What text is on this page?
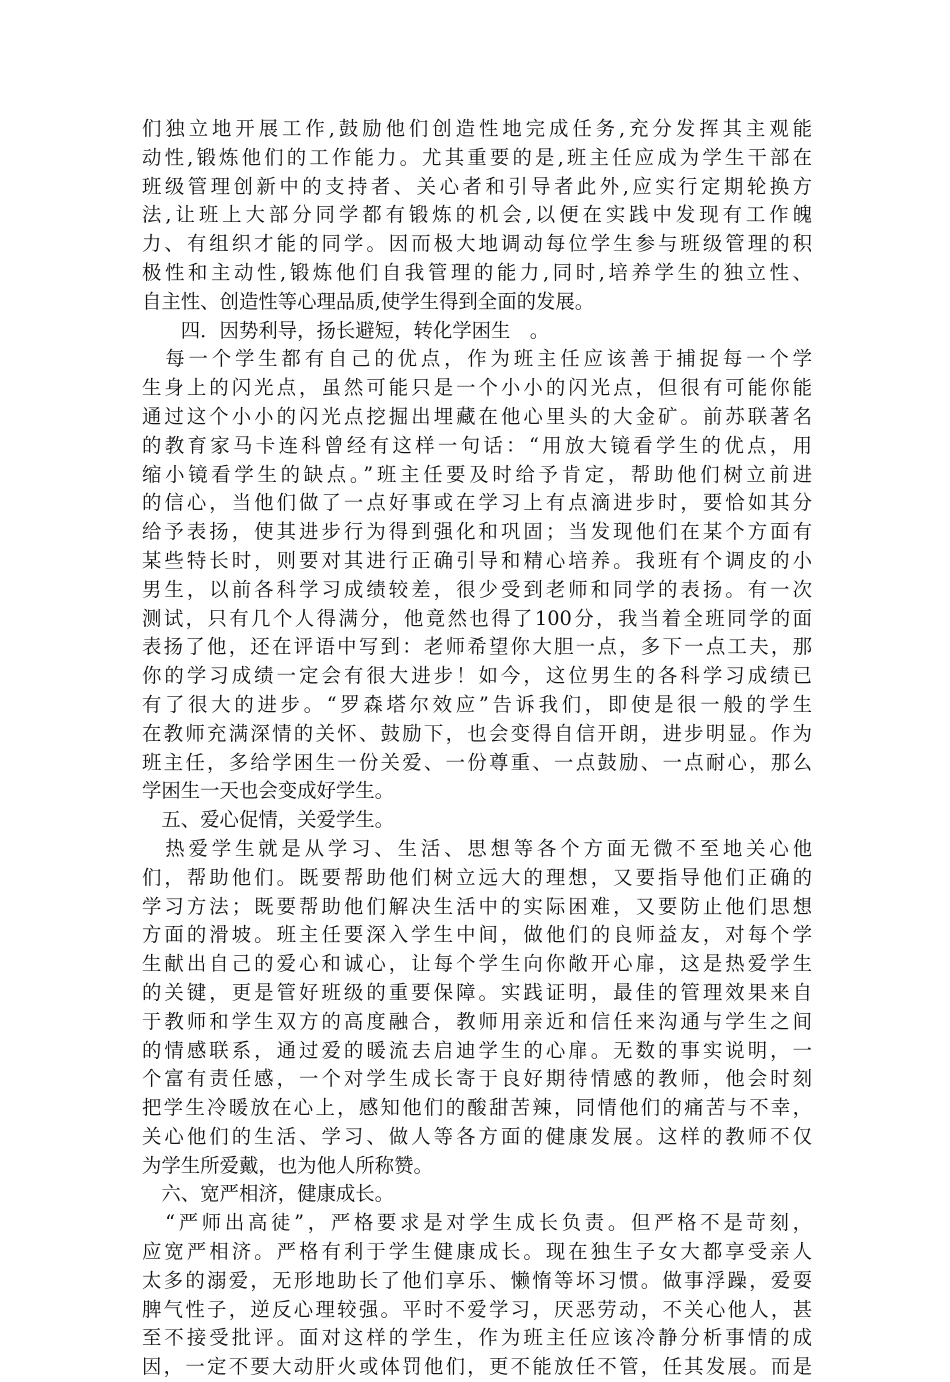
们独立地开展工作,鼓励他们创造性地完成任务,充分发挥其主观能
动性,锻炼他们的工作能力。尤其重要的是,班主任应成为学生干部在
班级管理创新中的支持者、关心者和引导者此外,应实行定期轮换方
法,让班上大部分同学都有锻炼的机会,以便在实践中发现有工作魄
力、有组织才能的同学。因而极大地调动每位学生参与班级管理的积
极性和主动性,锻炼他们自我管理的能力,同时,培养学生的独立性、
自主性、创造性等心理品质,使学生得到全面的发展。
　　四．因势利导，扬长避短，转化学困生　。
　每一个学生都有自己的优点，作为班主任应该善于捕捉每一个学
生身上的闪光点，虽然可能只是一个小小的闪光点，但很有可能你能
通过这个小小的闪光点挖掘出埋藏在他心里头的大金矿。前苏联著名
的教育家马卡连科曾经有这样一句话：“用放大镜看学生的优点，用
缩小镜看学生的缺点。”班主任要及时给予肯定，帮助他们树立前进
的信心，当他们做了一点好事或在学习上有点滴进步时，要恰如其分
给予表扬，使其进步行为得到强化和巩固；当发现他们在某个方面有
某些特长时，则要对其进行正确引导和精心培养。我班有个调皮的小
男生，以前各科学习成绩较差，很少受到老师和同学的表扬。有一次
测试，只有几个人得满分，他竟然也得了100分，我当着全班同学的面
表扬了他，还在评语中写到：老师希望你大胆一点，多下一点工夫，那
你的学习成绩一定会有很大进步！如今，这位男生的各科学习成绩已
有了很大的进步。“罗森塔尔效应”告诉我们，即使是很一般的学生
在教师充满深情的关怀、鼓励下，也会变得自信开朗，进步明显。作为
班主任，多给学困生一份关爱、一份尊重、一点鼓励、一点耐心，那么
学困生一天也会变成好学生。
　五、爱心促情，关爱学生。
　热爱学生就是从学习、生活、思想等各个方面无微不至地关心他
们，帮助他们。既要帮助他们树立远大的理想，又要指导他们正确的
学习方法；既要帮助他们解决生活中的实际困难，又要防止他们思想
方面的滑坡。班主任要深入学生中间，做他们的良师益友，对每个学
生献出自己的爱心和诚心，让每个学生向你敞开心扉，这是热爱学生
的关键，更是管好班级的重要保障。实践证明，最佳的管理效果来自
于教师和学生双方的高度融合，教师用亲近和信任来沟通与学生之间
的情感联系，通过爱的暖流去启迪学生的心扉。无数的事实说明，一
个富有责任感，一个对学生成长寄于良好期待情感的教师，他会时刻
把学生冷暖放在心上，感知他们的酸甜苦辣，同情他们的痛苦与不幸，
关心他们的生活、学习、做人等各方面的健康发展。这样的教师不仅
为学生所爱戴，也为他人所称赞。
　六、宽严相济，健康成长。
　“严师出高徒”，严格要求是对学生成长负责。但严格不是苛刻，
应宽严相济。严格有利于学生健康成长。现在独生子女大都享受亲人
太多的溺爱，无形地助长了他们享乐、懒惰等坏习惯。做事浮躁，爱耍
脾气性子，逆反心理较强。平时不爱学习，厌恶劳动，不关心他人，甚
至不接受批评。面对这样的学生，作为班主任应该冷静分析事情的成
因，一定不要大动肝火或体罚他们，更不能放任不管，任其发展。而是
